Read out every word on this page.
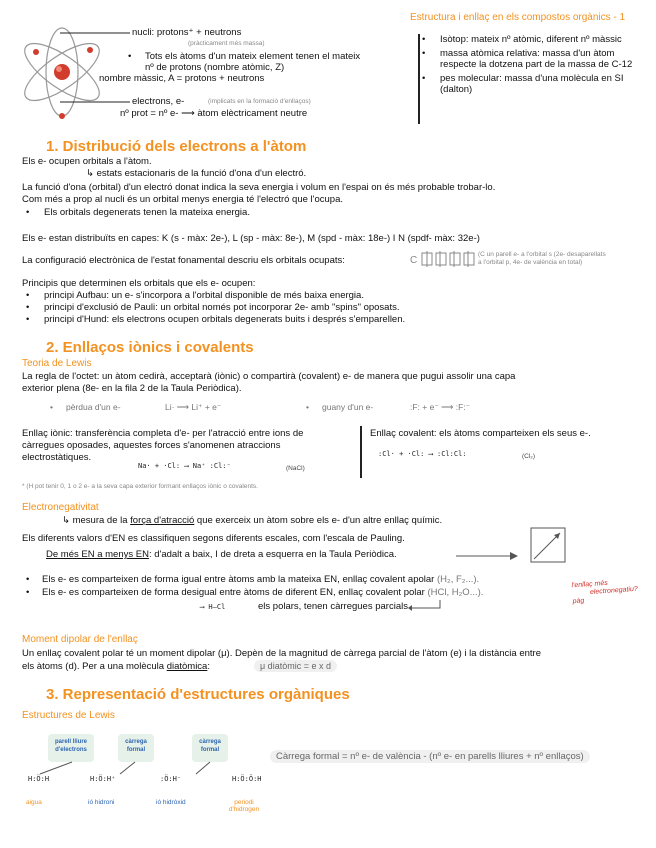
Estructura i enllaç en els compostos orgànics - 1
nucli: protons⁺ + neutrons
(pràcticament més massa)
Tots els àtoms d'un mateix element tenen el mateix
•
nº de protons (nombre atòmic, Z)
nombre màssic, A = protons + neutrons
electrons, e-	(implicats en la formació d'enllaços)
nº prot = nº e- ⟶ àtom elèctricament neutre
• Isòtop: mateix nº atòmic, diferent nº màssic
• massa atòmica relativa: massa d'un àtom respecte la dotzena part de la massa de C-12
• pes molecular: massa d'una molècula en SI (dalton)
1. Distribució dels electrons a l'àtom
Els e- ocupen orbitals a l'àtom.
↳ estats estacionaris de la funció d'ona d'un electró.
La funció d'ona (orbital) d'un electró donat indica la seva energia i volum en l'espai on és més probable trobar-lo.
Com més a prop al nucli és un orbital menys energia té l'electró que l'ocupa.
Els orbitals degenerats tenen la mateixa energia.
•
Els e- estan distribuïts en capes: K (s - màx: 2e-), L (sp - màx: 8e-), M (spd - màx: 18e-) I N (spdf- màx: 32e-)
La configuració electrònica de l'estat fonamental descriu els orbitals ocupats:	C
(C un parell e- a l'orbital s (2e- desaparellats
a l'orbital p, 4e- de valència en total)
Principis que determinen els orbitals que els e- ocupen:
• principi Aufbau: un e- s'incorpora a l'orbital disponible de més baixa energia.
• principi d'exclusió de Pauli: un orbital només pot incorporar 2e- amb "spins" oposats.
• principi d'Hund: els electrons ocupen orbitals degenerats buits i després s'emparellen.
2. Enllaços iònics i covalents
Teoria de Lewis
La regla de l'octet: un àtom cedirà, acceptarà (iònic) o compartirà (covalent) e- de manera que pugui assolir una capa
exterior plena (8e- en la fila 2 de la Taula Periòdica).
• pèrdua d'un e-	Li· ⟶ Li⁺ + e⁻	• guany d'un e-	:F: + e⁻ ⟶ :F:⁻
Enllaç iònic: transferència completa d'e- per l'atracció entre ions de
càrregues oposades, aquestes forces s'anomenen atraccions
electrostàtiques.
Na· + ·Cl: ⟶ Na⁺ :Cl:⁻	(NaCl)
Enllaç covalent: els àtoms comparteixen els seus e-.
:Cl· + ·Cl: ⟶ :Cl:Cl:	(Cl₂)
* (H pot tenir 0, 1 o 2 e- a la seva capa exterior formant enllaços iònic o covalents.
Electronegativitat
↳ mesura de la força d'atracció que exerceix un àtom sobre els e- d'un altre enllaç químic.
Els diferents valors d'EN es classifiquen segons diferents escales, com l'escala de Pauling.
De més EN a menys EN: d'adalt a baix, I de dreta a esquerra en la Taula Periòdica.
• Els e- es comparteixen de forma igual entre àtoms amb la mateixa EN, enllaç covalent apolar (H₂, F₂...).
• Els e- es comparteixen de forma desigual entre àtoms de diferent EN, enllaç covalent polar (HCl, H₂O...).
⟶ H—Cl	els polars, tenen càrregues parcials
l'enllaç més
electronegatiu?
pàg
Moment dipolar de l'enllaç
Un enllaç covalent polar té un moment dipolar (μ). Depèn de la magnitud de càrrega parcial de l'àtom (e) i la distància entre
els àtoms (d). Per a una molècula diatòmica:	μ diatòmic = e x d
3. Representació d'estructures orgàniques
Estructures de Lewis
parell lliure d'electrons
càrrega formal
càrrega formal
H:Ö:H	H:Ö:H⁺	:Ö:H⁻	H:Ö:Ö:H
aigua	ió hidroni	ió hidròxid	periodi d'hidrogen
Càrrega formal = nº e- de valència - (nº e- en parells lliures + nº enllaços)
